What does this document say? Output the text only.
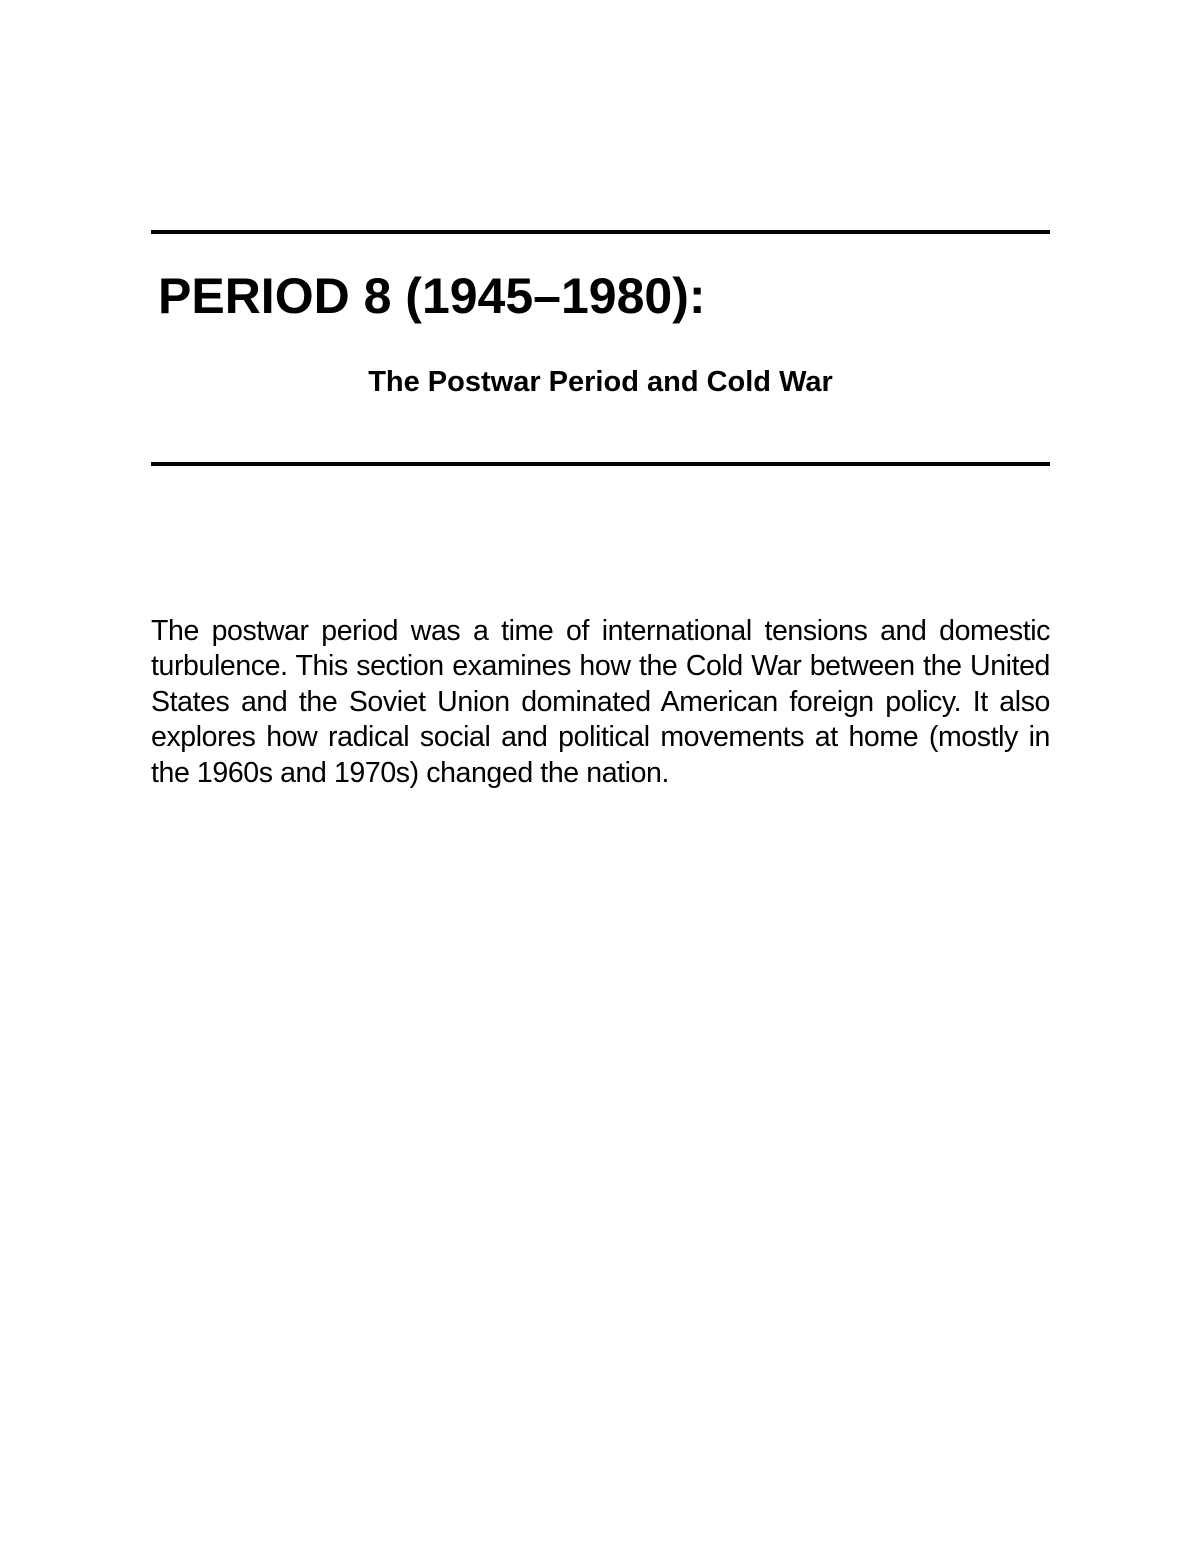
PERIOD 8 (1945–1980):
The Postwar Period and Cold War

The postwar period was a time of international tensions and domestic turbulence. This section examines how the Cold War between the United States and the Soviet Union dominated American foreign policy. It also explores how radical social and political movements at home (mostly in the 1960s and 1970s) changed the nation.
